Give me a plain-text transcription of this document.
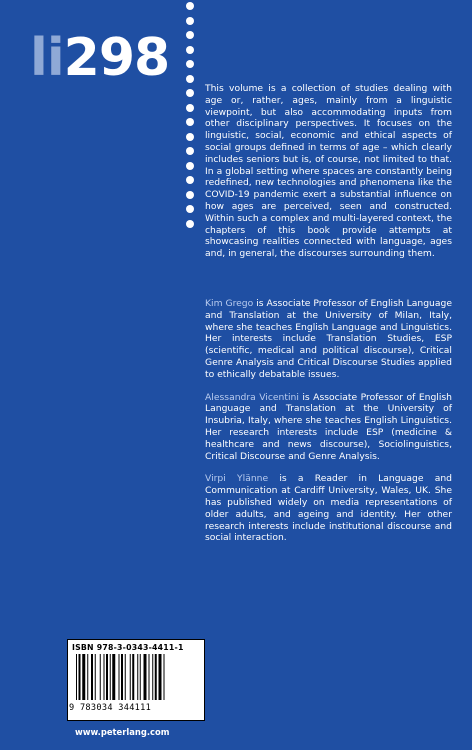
li298
This volume is a collection of studies dealing with age or, rather, ages, mainly from a linguistic viewpoint, but also accommodating inputs from other disciplinary perspectives. It focuses on the linguistic, social, economic and ethical aspects of social groups defined in terms of age – which clearly includes seniors but is, of course, not limited to that. In a global setting where spaces are constantly being redefined, new technologies and phenomena like the COVID-19 pandemic exert a substantial influence on how ages are perceived, seen and constructed. Within such a complex and multi-layered context, the chapters of this book provide attempts at showcasing realities connected with language, ages and, in general, the discourses surrounding them.

Kim Grego is Associate Professor of English Language and Translation at the University of Milan, Italy, where she teaches English Language and Linguistics. Her interests include Translation Studies, ESP (scientific, medical and political discourse), Critical Genre Analysis and Critical Discourse Studies applied to ethically debatable issues.

Alessandra Vicentini is Associate Professor of English Language and Translation at the University of Insubria, Italy, where she teaches English Linguistics. Her research interests include ESP (medicine & healthcare and news discourse), Sociolinguistics, Critical Discourse and Genre Analysis.

Virpi Ylänne is a Reader in Language and Communication at Cardiff University, Wales, UK. She has published widely on media representations of older adults, and ageing and identity. Her other research interests include institutional discourse and social interaction.

ISBN 978-3-0343-4411-1
9 783034 344111
www.peterlang.com
